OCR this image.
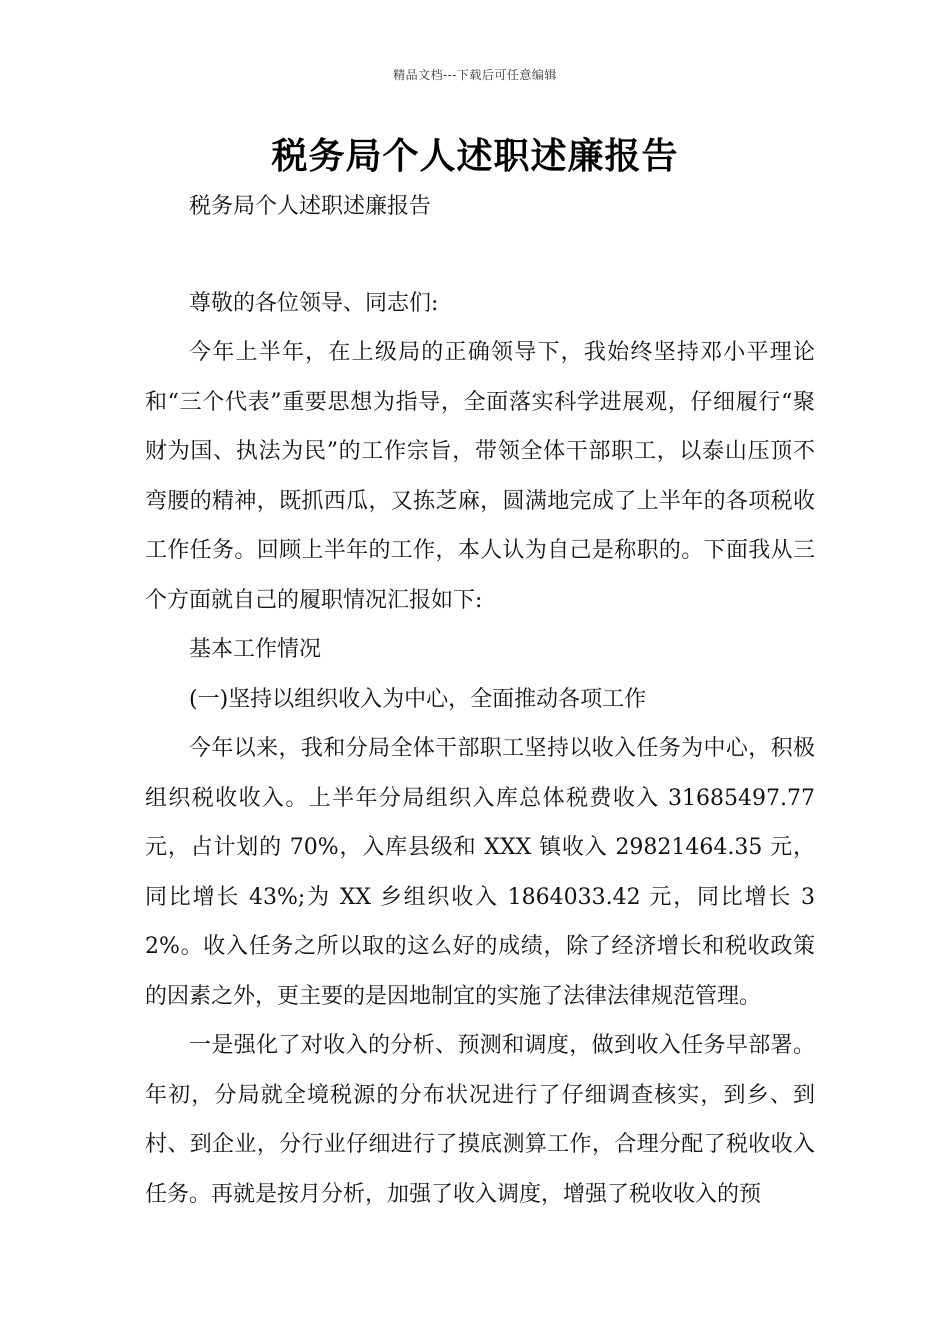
精品文档---下载后可任意编辑
税务局个人述职述廉报告

税务局个人述职述廉报告

尊敬的各位领导、同志们:

今年上半年，在上级局的正确领导下，我始终坚持邓小平理论和“三个代表”重要思想为指导，全面落实科学进展观，仔细履行“聚财为国、执法为民”的工作宗旨，带领全体干部职工，以泰山压顶不弯腰的精神，既抓西瓜，又拣芝麻，圆满地完成了上半年的各项税收工作任务。回顾上半年的工作，本人认为自己是称职的。下面我从三个方面就自己的履职情况汇报如下:

基本工作情况

(一)坚持以组织收入为中心，全面推动各项工作

今年以来，我和分局全体干部职工坚持以收入任务为中心，积极组织税收收入。上半年分局组织入库总体税费收入 31685497.77 元，占计划的 70%，入库县级和 XXX 镇收入 29821464.35 元，同比增长 43%;为 XX 乡组织收入 1864033.42 元，同比增长 32%。收入任务之所以取的这么好的成绩，除了经济增长和税收政策的因素之外，更主要的是因地制宜的实施了法律法律规范管理。

一是强化了对收入的分析、预测和调度，做到收入任务早部署。年初，分局就全境税源的分布状况进行了仔细调查核实，到乡、到村、到企业，分行业仔细进行了摸底测算工作，合理分配了税收收入任务。再就是按月分析，加强了收入调度，增强了税收收入的预
